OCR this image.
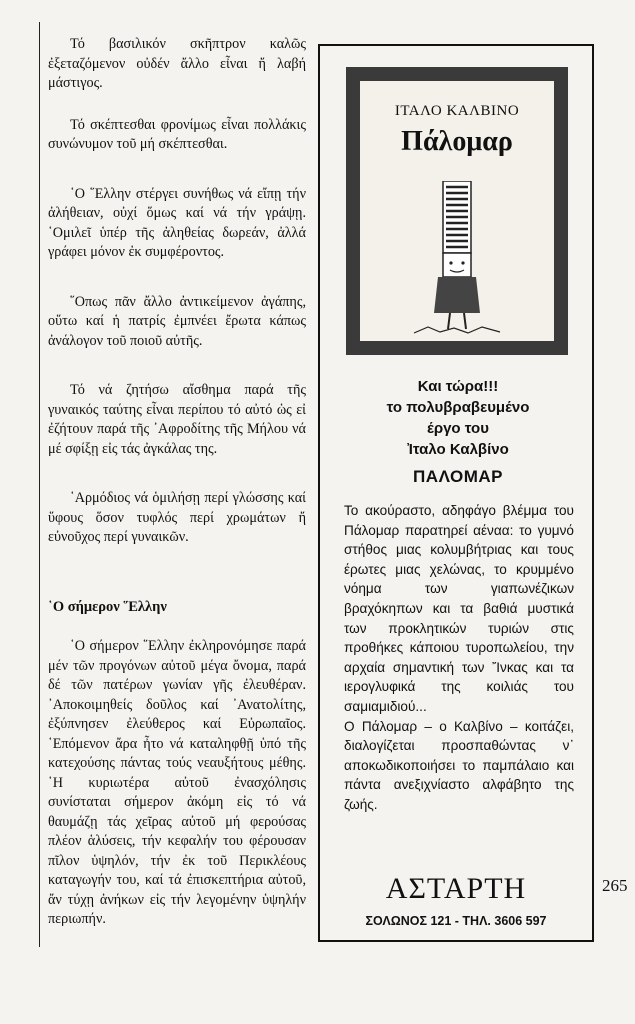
Τό βασιλικόν σκῆπτρον καλῶς ἐξεταζόμενον οὐδέν ἄλλο εἶναι ἤ λαβή μάστιγος.

Τό σκέπτεσθαι φρονίμως εἶναι πολλάκις συνώνυμον τοῦ μή σκέπτεσθαι.

῾Ο ῞Ελλην στέργει συνήθως νά εἴπῃ τήν ἀλήθειαν, οὐχί ὅμως καί νά τήν γράψῃ. ῾Ομιλεῖ ὑπέρ τῆς ἀληθείας δωρεάν, ἀλλά γράφει μόνον ἐκ συμφέροντος.

῞Οπως πᾶν ἄλλο ἀντικείμενον ἀγάπης, οὕτω καί ἡ πατρίς ἐμπνέει ἔρωτα κάπως ἀνάλογον τοῦ ποιοῦ αὐτῆς.

Τό νά ζητήσω αἴσθημα παρά τῆς γυναικός ταύτης εἶναι περίπου τό αὐτό ὡς εἰ ἐζήτουν παρά τῆς ᾿Αφροδίτης τῆς Μήλου νά μέ σφίξῃ εἰς τάς ἀγκάλας της.

῾Αρμόδιος νά ὁμιλήσῃ περί γλώσσης καί ὕφους ὅσον τυφλός περί χρωμάτων ἤ εὐνοῦχος περί γυναικῶν.

῾Ο σήμερον ῞Ελλην

῾Ο σήμερον ῞Ελλην ἐκληρονόμησε παρά μέν τῶν προγόνων αὐτοῦ μέγα ὄνομα, παρά δέ τῶν πατέρων γωνίαν γῆς ἐλευθέραν. ᾿Αποκοιμηθείς δοῦλος καί ᾿Ανατολίτης, ἐξύπνησεν ἐλεύθερος καί Εὐρωπαῖος. ῾Επόμενον ἄρα ἦτο νά καταληφθῇ ὑπό τῆς κατεχούσης πάντας τούς νεαυξήτους μέθης. ῾Η κυριωτέρα αὐτοῦ ἐνασχόλησις συνίσταται σήμερον ἀκόμη εἰς τό νά θαυμάζῃ τάς χεῖρας αὐτοῦ μή φερούσας πλέον ἁλύσεις, τήν κεφαλήν του φέρουσαν πῖλον ὑψηλόν, τήν ἐκ τοῦ Περικλέους καταγωγήν του, καί τά ἐπισκεπτήρια αὐτοῦ, ἄν τύχῃ ἀνήκων εἰς τήν λεγομένην ὑψηλήν περιωπήν.

ΙΤΑΛΟ ΚΑΛΒΙΝΟ
Πάλομαρ
Και τώρα!!!
το πολυβραβευμένο
έργο του
Ἰταλο Καλβίνο
ΠΑΛΟΜΑΡ

Το ακούραστο, αδηφάγο βλέμμα του Πάλομαρ παρατηρεί αέναα: το γυμνό στήθος μιας κολυμβήτριας και τους έρωτες μιας χελώνας, το κρυμμένο νόημα των γιαπωνέζικων βραχόκηπων και τα βαθιά μυστικά των προκλητικών τυριών στις προθήκες κάποιου τυροπωλείου, την αρχαία σημαντική των Ἴνκας και τα ιερογλυφικά της κοιλιάς του σαμιαμιδιού...

Ο Πάλομαρ – ο Καλβίνο – κοιτάζει, διαλογίζεται προσπαθώντας ν᾽ αποκωδικοποιήσει το παμπάλαιο και πάντα ανεξιχνίαστο αλφάβητο της ζωής.

ΑΣΤΑΡΤΗ
ΣΟΛΩΝΟΣ 121 - ΤΗΛ. 3606 597
265
